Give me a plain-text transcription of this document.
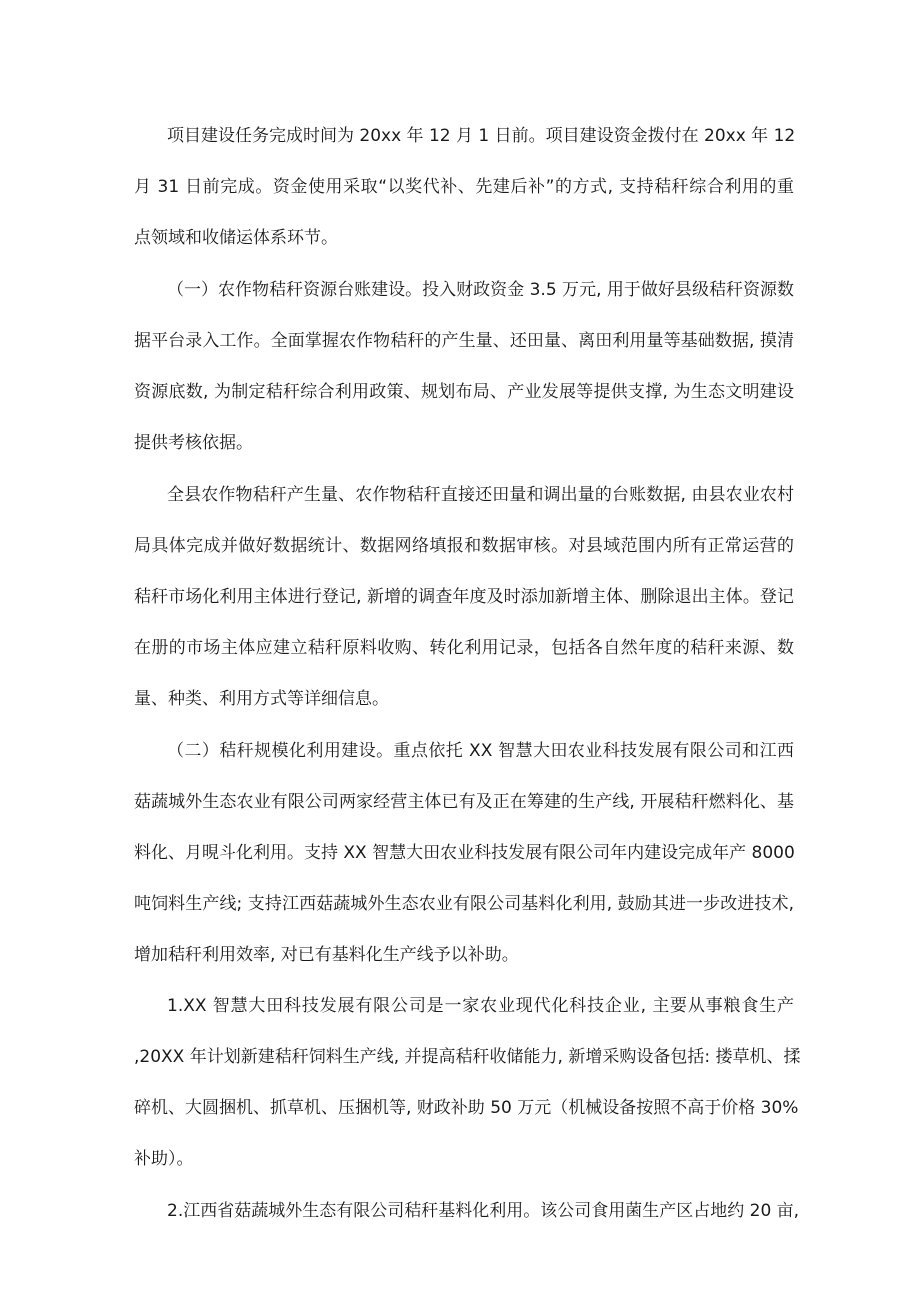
项目建设任务完成时间为 20xx 年 12 月 1 日前。项目建设资金拨付在 20xx 年 12
月 31 日前完成。资金使用采取“以奖代补、先建后补”的方式, 支持秸秆综合利用的重
点领域和收储运体系环节。
（一）农作物秸秆资源台账建设。投入财政资金 3.5 万元, 用于做好县级秸秆资源数
据平台录入工作。全面掌握农作物秸秆的产生量、还田量、离田利用量等基础数据, 摸清
资源底数, 为制定秸秆综合利用政策、规划布局、产业发展等提供支撑, 为生态文明建设
提供考核依据。
全县农作物秸秆产生量、农作物秸秆直接还田量和调出量的台账数据, 由县农业农村
局具体完成并做好数据统计、数据网络填报和数据审核。对县域范围内所有正常运营的
秸秆市场化利用主体进行登记, 新增的调查年度及时添加新增主体、删除退出主体。登记
在册的市场主体应建立秸秆原料收购、转化利用记录，包括各自然年度的秸秆来源、数
量、种类、利用方式等详细信息。
（二）秸秆规模化利用建设。重点依托 XX 智慧大田农业科技发展有限公司和江西
菇蔬城外生态农业有限公司两家经营主体已有及正在筹建的生产线, 开展秸秆燃料化、基
料化、月晛斗化利用。支持 XX 智慧大田农业科技发展有限公司年内建设完成年产 8000
吨饲料生产线; 支持江西菇蔬城外生态农业有限公司基料化利用, 鼓励其进一步改进技术,
增加秸秆利用效率, 对已有基料化生产线予以补助。
1.XX 智慧大田科技发展有限公司是一家农业现代化科技企业, 主要从事粮食生产
,20XX 年计划新建秸秆饲料生产线, 并提高秸秆收储能力, 新增采购设备包括: 搂草机、揉
碎机、大圆捆机、抓草机、压捆机等, 财政补助 50 万元（机械设备按照不高于价格 30%
补助）。
2.江西省菇蔬城外生态有限公司秸秆基料化利用。该公司食用菌生产区占地约 20 亩,
